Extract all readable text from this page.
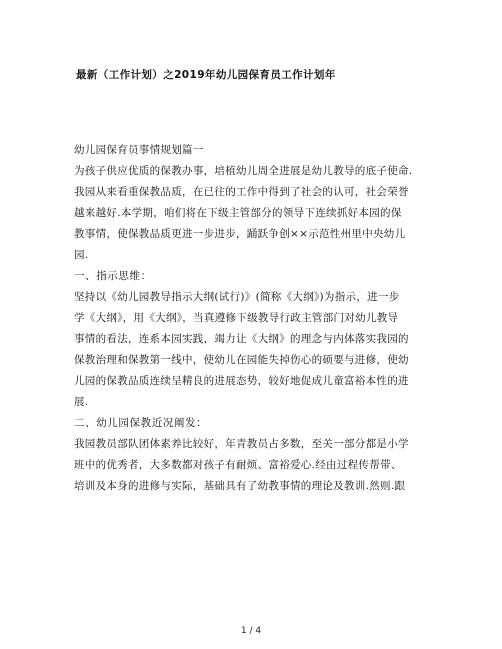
最新（工作计划）之2019年幼儿园保育员工作计划年
幼儿园保育员事情规划篇一
为孩子供应优质的保教办事，培植幼儿周全进展是幼儿教导的底子使命.
我园从来看重保教品质，在已往的工作中得到了社会的认可，社会荣誉
越来越好.本学期，咱们将在下级主管部分的领导下连续抓好本园的保
教事情，使保教品质更进一步进步，踊跃争创××示范性州里中央幼儿
园.
一、指示思维：
坚持以《幼儿园教导指示大纲(试行)》(简称《大纲》)为指示，进一步
学《大纲》，用《大纲》，当真遵修下级教导行政主管部门对幼儿教导
事情的看法，连系本园实践，竭力让《大纲》的理念与内体落实我园的
保教治理和保教第一线中，使幼儿在园能失掉伤心的硕要与进修，使幼
儿园的保教品质连续呈精良的进展态势，较好地促成儿童富裕本性的进
展.
二、幼儿园保教近况阐发：
我园教员部队团体素养比较好，年青教员占多数，至关一部分都是小学
班中的优秀者，大多数都对孩子有耐烦、富裕爱心.经由过程传帮带、
培训及本身的进修与实际，基础具有了幼教事情的理论及教训.然则.跟
1 / 4
